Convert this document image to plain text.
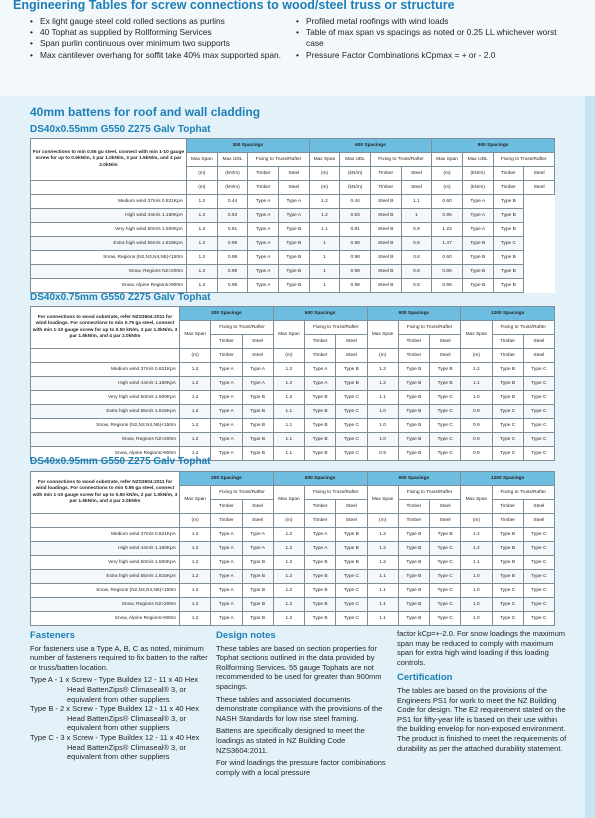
Engineering Tables for screw connections to wood/steel truss or structure
• Ex light gauge steel cold rolled sections as purlins
• 40 Tophat as supplied by Rollforming Services
• Span purlin continuous over minimum two supports
• Max cantilever overhang for soffit take 40% max supported span.
• Profiled metal roofings with wind loads
• Table of max span vs spacings as noted or 0.25 LL whichever worst case
• Pressure Factor Combinations kCpmax = + or - 2.0
40mm battens for roof and wall cladding
DS40x0.55mm G550 Z275 Galv Tophat
For connections to min 0.55 gu steel, connect with min 1-10 gauge screw for up to 0.5kN/m, 2 par 1.0kN/m, 3 par 1.5kN/m, and 4 par 2.0kN/m	300 Spacings				600 Spacings				900 Spacings			
	Max Span	Max UDL	Fixing to Truss/Rafter		Max Span	Max UDL	Fixing to Truss/Rafter		Max Span	Max UDL	Fixing to Truss/Rafter	
	(m)	(kN/m)	Timber	Steel	(m)	(kN/m)	Timber	Steel	(m)	(kN/m)	Timber	Steel
	(m)	(kN/m)	Timber	Steel	(m)	(kN/m)	Timber	Steel	(m)	(kN/m)	Timber	Steel
Medium wind 37m/s 0.821KpA	1.2	0.44	Type A	Type A	1.2	0.44	Steel B	1.1	0.60	Type A	Type B	
High wind 44m/s 1.160KpA	1.2	0.63	Type A	Type A	1.2	0.63	Steel B	1	0.95	Type A	Type B	
Very high wind 50m/s 1.500KpA	1.2	0.81	Type A	Type B	1.1	0.81	Steel B	0.9	1.22	Type A	Type B	
Extra high wind 55m/s 1.815KpA	1.2	0.98	Type A	Type B	1	0.98	Steel B	0.8	1.47	Type B	Type C	
Snow, Regions (N2,N3,N4,N5)<150m	1.2	0.98	Type A	Type B	1	0.98	Steel B	0.8	0.60	Type B	Type B	
Snow, Regions N2>200m	1.2	0.98	Type A	Type B	1	0.98	Steel B	0.8	0.86	Type B	Type B	
Snow, Alpine Regions>900m	1.2	0.98	Type A	Type B	1	0.98	Steel B	0.8	0.95	Type B	Type B	
DS40x0.75mm G550 Z275 Galv Tophat
For connections to wood substrate, refer NZS3604:2011 for wind loadings. For connections to min 0.75 ga steel, connect with min 1-10 gauge screw for up to 0.50 kN/m, 2 par 1.0kN/m, 3 par 1.5kN/m, and 4 par 2.0kN/m	300 Spacings			600 Spacings			900 Spacings			1200 Spacings		
	Max Span	Fixing to Truss/Rafter		Max Span	Fixing to Truss/Rafter		Max Span	Fixing to Truss/Rafter		Max Span	Fixing to Truss/Rafter	
		Timber	Steel		Timber	Steel		Timber	Steel		Timber	Steel
	(m)	Timber	Steel	(m)	Timber	Steel	(m)	Timber	Steel	(m)	Timber	Steel
Medium wind 37m/s 0.821KpA	1.2	Type A	Type A	1.2	Type A	Type B	1.2	Type B	Type B	1.2	Type B	Type C
High wind 44m/s 1.160KpA	1.2	Type A	Type A	1.2	Type A	Type B	1.2	Type B	Type B	1.1	Type B	Type C
Very high wind 50m/s 1.500KpA	1.2	Type A	Type B	1.2	Type B	Type C	1.1	Type B	Type C	1.0	Type B	Type C
Extra high wind 55m/s 1.815KpA	1.2	Type A	Type B	1.1	Type B	Type C	1.0	Type B	Type C	0.9	Type C	Type C
Snow, Regions (N2,N3,N4,N5)<150m	1.2	Type A	Type B	1.1	Type B	Type C	1.0	Type B	Type C	0.9	Type C	Type C
Snow, Regions N2>200m	1.2	Type A	Type B	1.1	Type B	Type C	1.0	Type B	Type C	0.9	Type C	Type C
Snow, Alpine Regions>900m	1.2	Type A	Type B	1.1	Type B	Type C	0.9	Type B	Type C	0.9	Type C	Type C
DS40x0.95mm G550 Z275 Galv Tophat
For connections to wood substrate, refer NZS3604:2011 for wind loadings. For connections to min 0.95 ga steel, connect with min 1-10 gauge screw for up to 0.50 kN/m, 2 par 1.0kN/m, 3 par 1.5kN/m, and 4 par 2.0kN/m	300 Spacings			600 Spacings			900 Spacings			1200 Spacings		
	Max Span	Fixing to Truss/Rafter		Max Span	Fixing to Truss/Rafter		Max Span	Fixing to Truss/Rafter		Max Span	Fixing to Truss/Rafter	
		Timber	Steel		Timber	Steel		Timber	Steel		Timber	Steel
	(m)	Timber	Steel	(m)	Timber	Steel	(m)	Timber	Steel	(m)	Timber	Steel
Medium wind 37m/s 0.821KpA	1.2	Type A	Type A	1.2	Type A	Type B	1.2	Type B	Type B	1.2	Type B	Type C
High wind 44m/s 1.160KpA	1.2	Type A	Type A	1.2	Type A	Type B	1.2	Type B	Type C	1.2	Type B	Type C
Very high wind 50m/s 1.500KpA	1.2	Type A	Type B	1.2	Type B	Type B	1.2	Type B	Type C	1.1	Type B	Type C
Extra high wind 55m/s 1.815KpA	1.2	Type A	Type B	1.2	Type B	Type C	1.1	Type B	Type C	1.0	Type B	Type C
Snow, Regions (N2,N3,N4,N5)<150m	1.2	Type A	Type B	1.2	Type B	Type C	1.1	Type B	Type C	1.0	Type C	Type C
Snow, Regions N2>200m	1.2	Type A	Type B	1.2	Type B	Type C	1.1	Type B	Type C	1.0	Type C	Type C
Snow, Alpine Regions>900m	1.2	Type A	Type B	1.2	Type B	Type C	1.1	Type B	Type C	1.0	Type C	Type C
Fasteners

For fasteners use a Type A, B, C as noted, minimum number of fasteners required to fix batten to the rafter or truss/batten location.

Type A - 1 x Screw - Type Buildex 12 - 11 x 40 Hex Head BattenZips® Climaseal® 3, or equivalent from other suppliers

Type B - 2 x Screw - Type Buildex 12 - 11 x 40 Hex Head BattenZips® Climaseal® 3, or equivalent from other suppliers

Type C - 3 x Screw - Type Buildex 12 - 11 x 40 Hex Head BattenZips® Climaseal® 3, or equivalent from other suppliers

Design notes

These tables are based on section properties for Tophat sections outlined in the data provided by Rollforming Services. 55 gauge Tophats are not recommended to be used for greater than 900mm spacings.

These tables and associated documents demonstrate compliance with the provisions of the NASH Standards for low rise steel framing.

Battens are specifically designed to meet the loadings as stated in NZ Building Code NZS3604:2011.

For wind loadings the pressure factor combinations comply with a local pressure

factor kCp=+-2.0. For snow loadings the maximum span may be reduced to comply with maximum span for extra high wind loading if this loading controls.

Certification

The tables are based on the provisions of the Engineers PS1 for work to meet the NZ Building Code for design. The E2 requirement stated on the PS1 for fifty-year life is based on their use within the building envelop for non-exposed environment. The product is finished to meet the requirements of durability as per the attached durability statement.
